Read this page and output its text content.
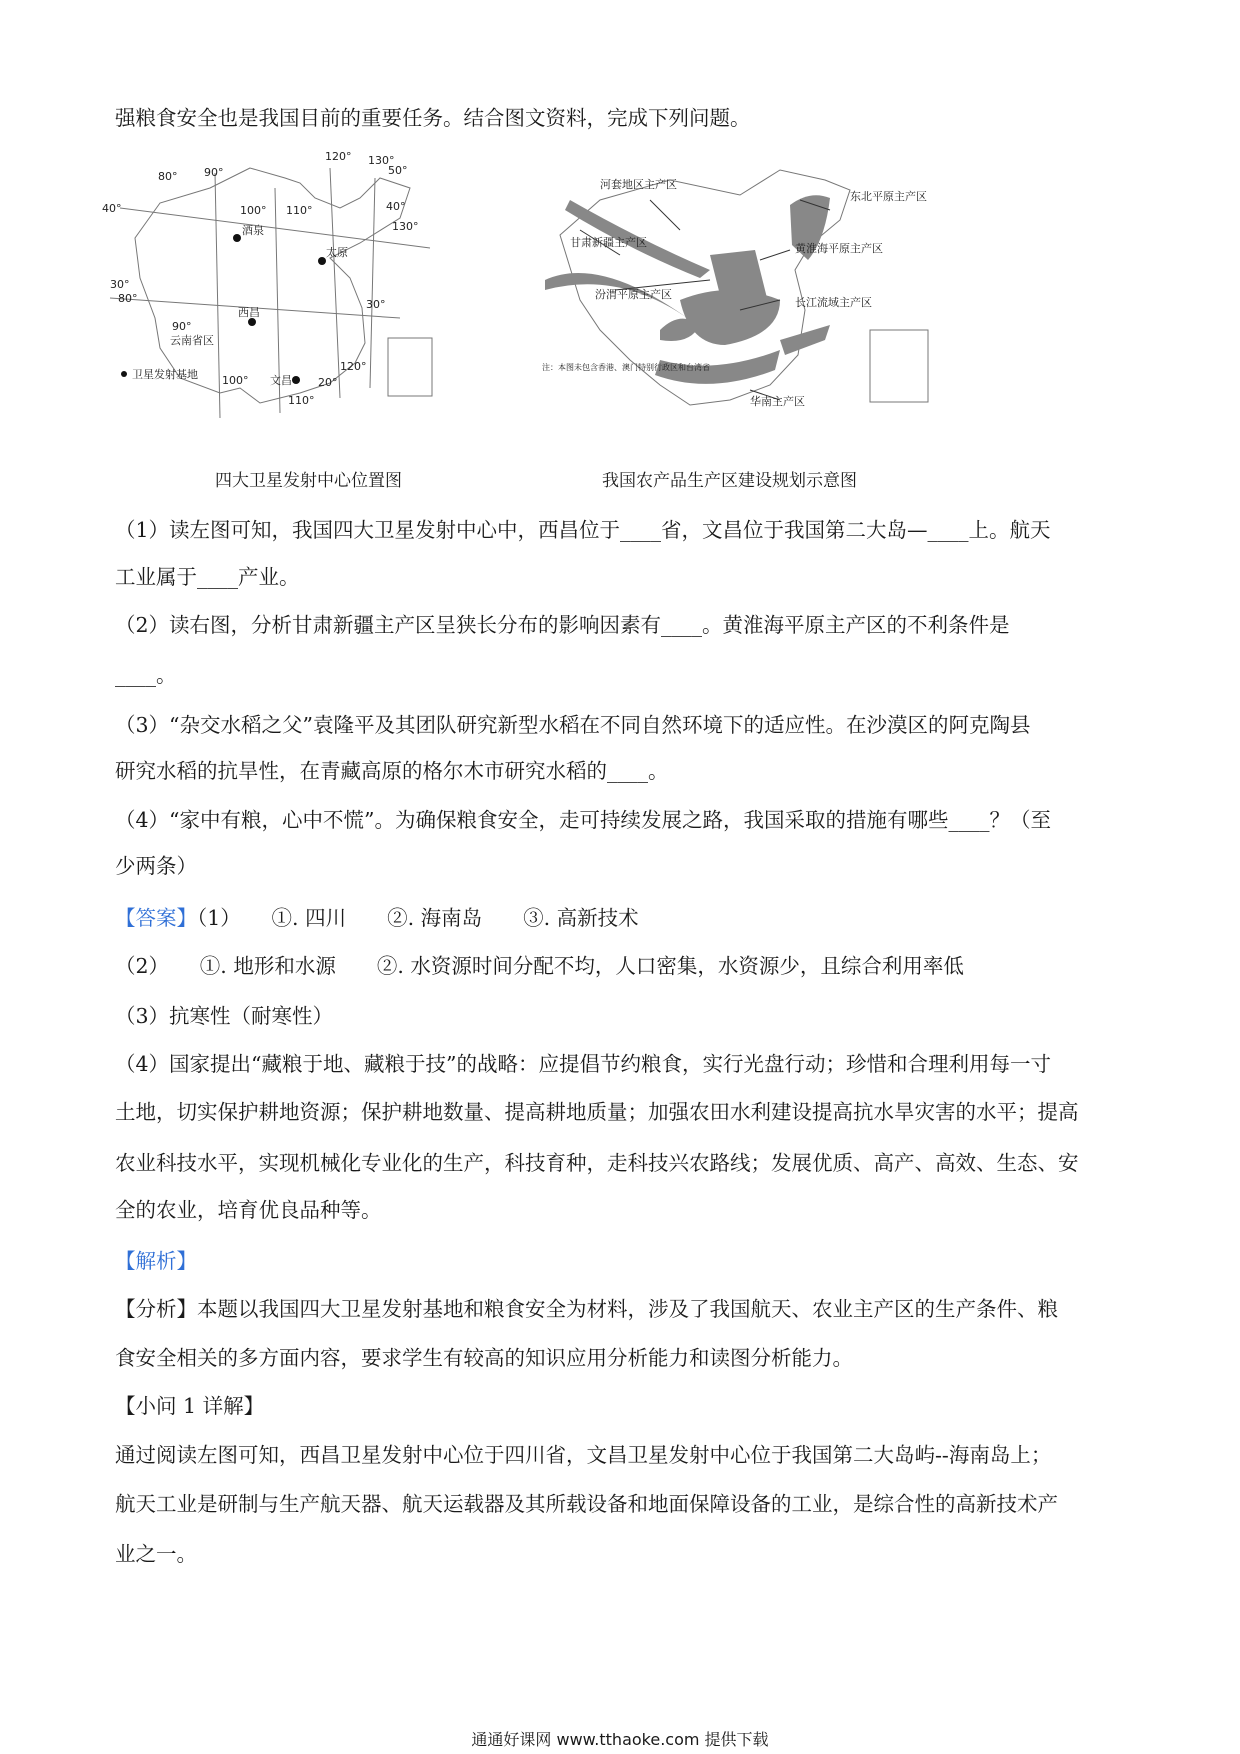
强粮食安全也是我国目前的重要任务。结合图文资料，完成下列问题。
120° 130°
80° 90°	50°
40°	100° 110°	40°
130°
30°
80°	30°
90°
20°
120°
100°
110°
酒泉
太原
西昌
文昌
云南省区
卫星发射基地
四大卫星发射中心位置图
河套地区主产区
东北平原主产区
甘肃新疆主产区	黄淮海平原主产区
汾渭平原主产区
长江流域主产区
华南主产区
注：本图未包含香港、澳门特别行政区和台湾省
我国农产品生产区建设规划示意图
（1）读左图可知，我国四大卫星发射中心中，西昌位于____省，文昌位于我国第二大岛—____上。航天
工业属于____产业。
（2）读右图，分析甘肃新疆主产区呈狭长分布的影响因素有____。黄淮海平原主产区的不利条件是
____。
（3）“杂交水稻之父”袁隆平及其团队研究新型水稻在不同自然环境下的适应性。在沙漠区的阿克陶县
研究水稻的抗旱性，在青藏高原的格尔木市研究水稻的____。
（4）“家中有粮，心中不慌”。为确保粮食安全，走可持续发展之路，我国采取的措施有哪些____？（至
少两条）
【答案】（1）　　①. 四川　　②. 海南岛　　③. 高新技术
（2）　　①. 地形和水源　　②. 水资源时间分配不均，人口密集，水资源少，且综合利用率低
（3）抗寒性（耐寒性）
（4）国家提出“藏粮于地、藏粮于技”的战略：应提倡节约粮食，实行光盘行动；珍惜和合理利用每一寸
土地，切实保护耕地资源；保护耕地数量、提高耕地质量；加强农田水利建设提高抗水旱灾害的水平；提高
农业科技水平，实现机械化专业化的生产，科技育种，走科技兴农路线；发展优质、高产、高效、生态、安
全的农业，培育优良品种等。
【解析】
【分析】本题以我国四大卫星发射基地和粮食安全为材料，涉及了我国航天、农业主产区的生产条件、粮
食安全相关的多方面内容，要求学生有较高的知识应用分析能力和读图分析能力。
【小问 1 详解】
通过阅读左图可知，西昌卫星发射中心位于四川省，文昌卫星发射中心位于我国第二大岛屿--海南岛上；
航天工业是研制与生产航天器、航天运载器及其所载设备和地面保障设备的工业，是综合性的高新技术产
业之一。
通通好课网 www.tthaoke.com 提供下载
